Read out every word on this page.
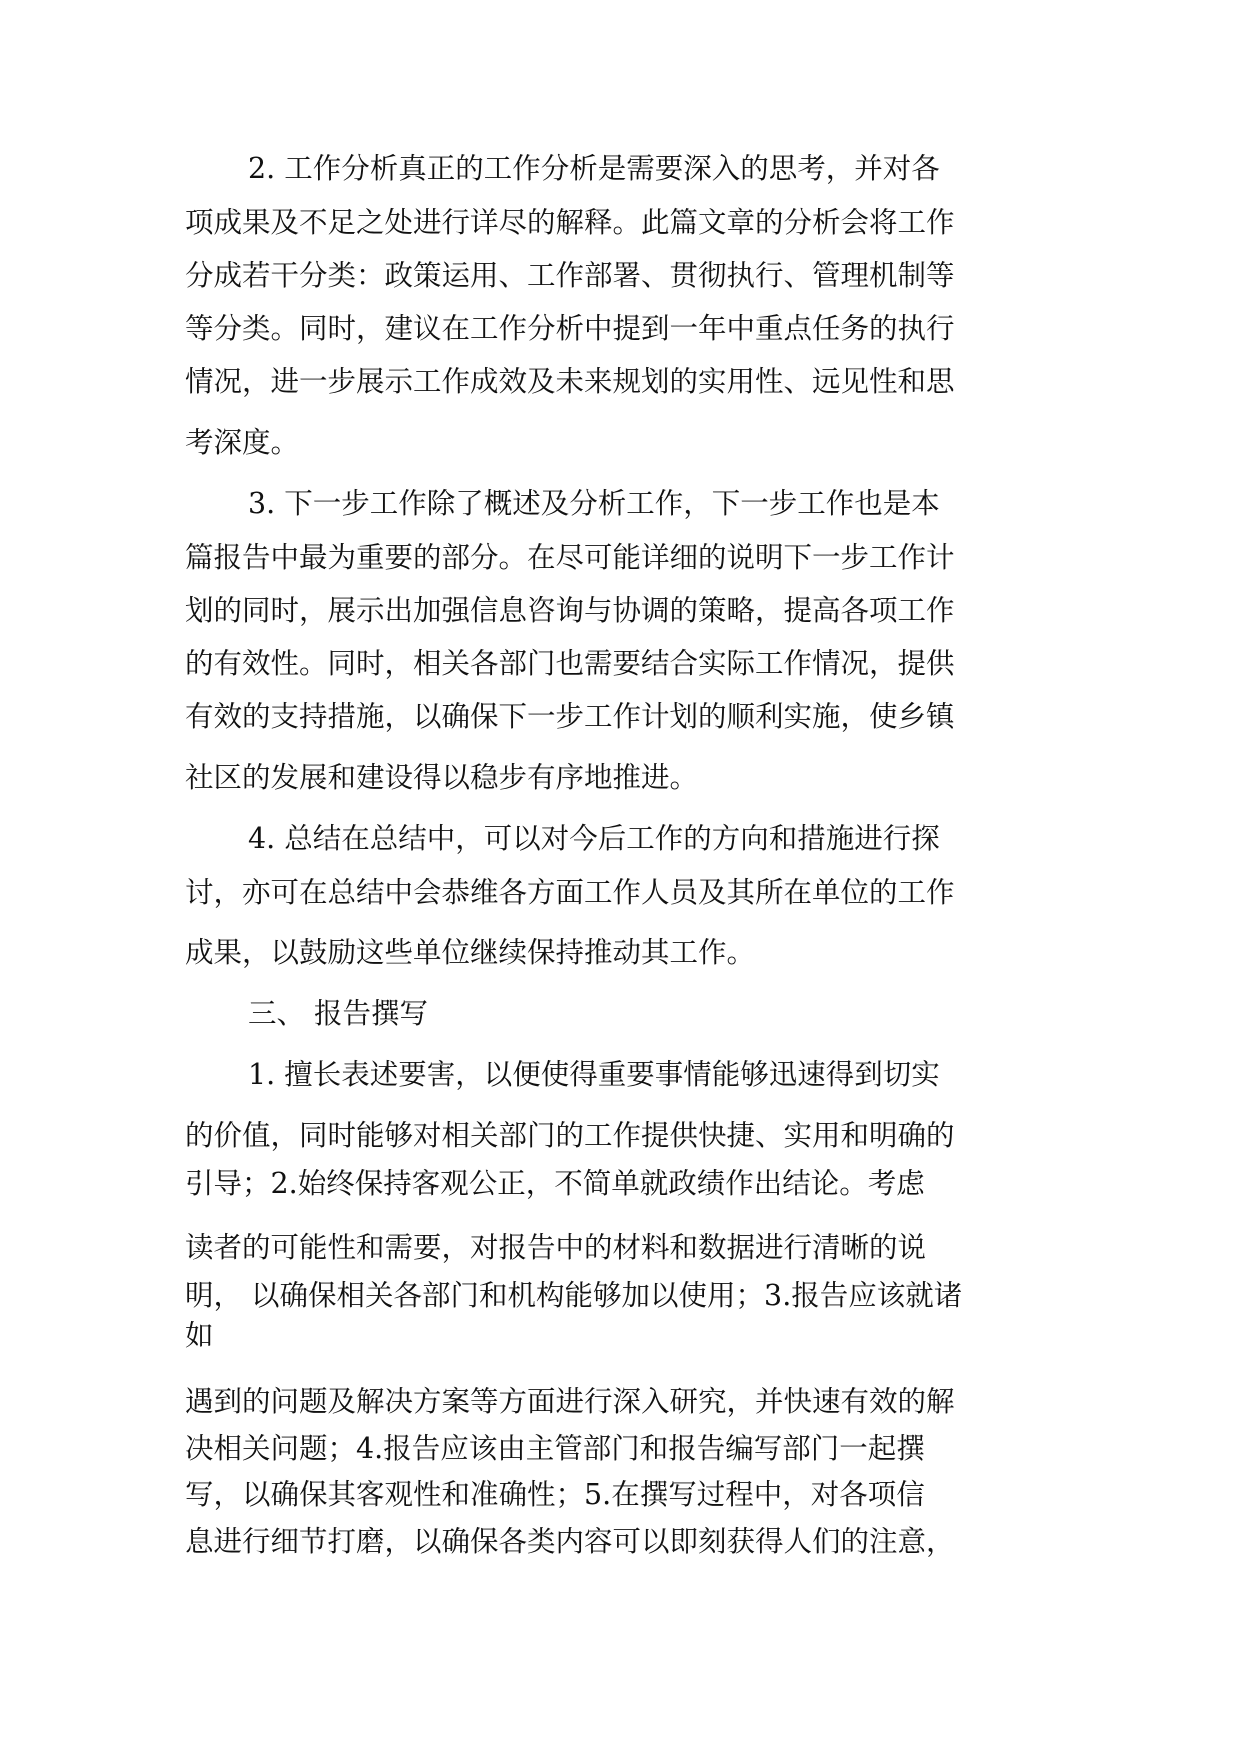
2. 工作分析真正的工作分析是需要深入的思考，并对各

项成果及不足之处进行详尽的解释。此篇文章的分析会将工作

分成若干分类：政策运用、工作部署、贯彻执行、管理机制等

等分类。同时，建议在工作分析中提到一年中重点任务的执行

情况，进一步展示工作成效及未来规划的实用性、远见性和思

考深度。

3. 下一步工作除了概述及分析工作，下一步工作也是本

篇报告中最为重要的部分。在尽可能详细的说明下一步工作计

划的同时，展示出加强信息咨询与协调的策略，提高各项工作

的有效性。同时，相关各部门也需要结合实际工作情况，提供

有效的支持措施，以确保下一步工作计划的顺利实施，使乡镇

社区的发展和建设得以稳步有序地推进。

4. 总结在总结中，可以对今后工作的方向和措施进行探

讨，亦可在总结中会恭维各方面工作人员及其所在单位的工作

成果，以鼓励这些单位继续保持推动其工作。

三、 报告撰写

1. 擅长表述要害，以便使得重要事情能够迅速得到切实

的价值，同时能够对相关部门的工作提供快捷、实用和明确的

引导；2.始终保持客观公正，不简单就政绩作出结论。考虑

读者的可能性和需要，对报告中的材料和数据进行清晰的说

明， 以确保相关各部门和机构能够加以使用；3.报告应该就诸

如

遇到的问题及解决方案等方面进行深入研究，并快速有效的解

决相关问题；4.报告应该由主管部门和报告编写部门一起撰

写，以确保其客观性和准确性；5.在撰写过程中，对各项信

息进行细节打磨，以确保各类内容可以即刻获得人们的注意，
